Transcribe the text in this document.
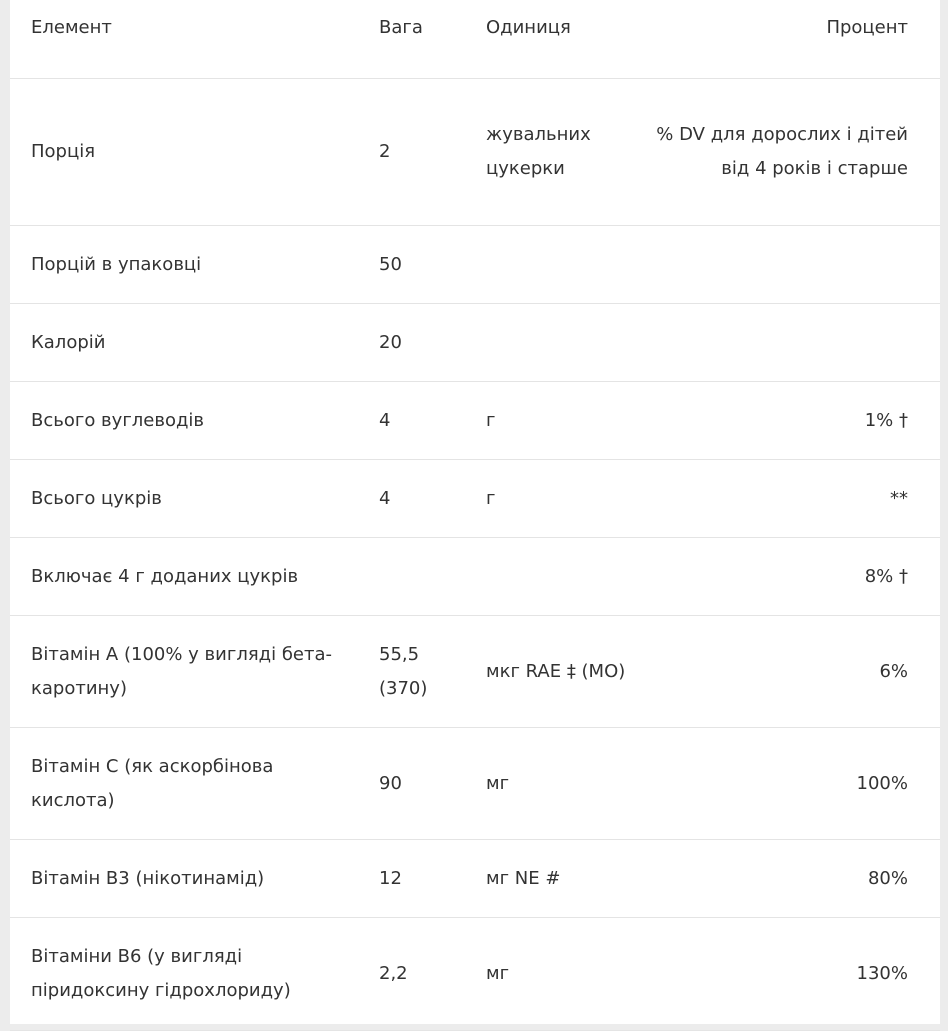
Елемент	Вага	Одиниця	Процент
Порція	2	жувальних цукерки	% DV для дорослих і дітей від 4 років і старше
Порцій в упаковці	50		
Калорій	20		
Всього вуглеводів	4	г	1% †
Всього цукрів	4	г	**
Включає 4 г доданих цукрів			8% †
Вітамін А (100% у вигляді бета-каротину)	55,5 (370)	мкг RAE ‡ (МО)	6%
Вітамін C (як аскорбінова кислота)	90	мг	100%
Вітамін B3 (нікотинамід)	12	мг NE #	80%
Вітаміни B6 (у вигляді піридоксину гідрохлориду)	2,2	мг	130%
